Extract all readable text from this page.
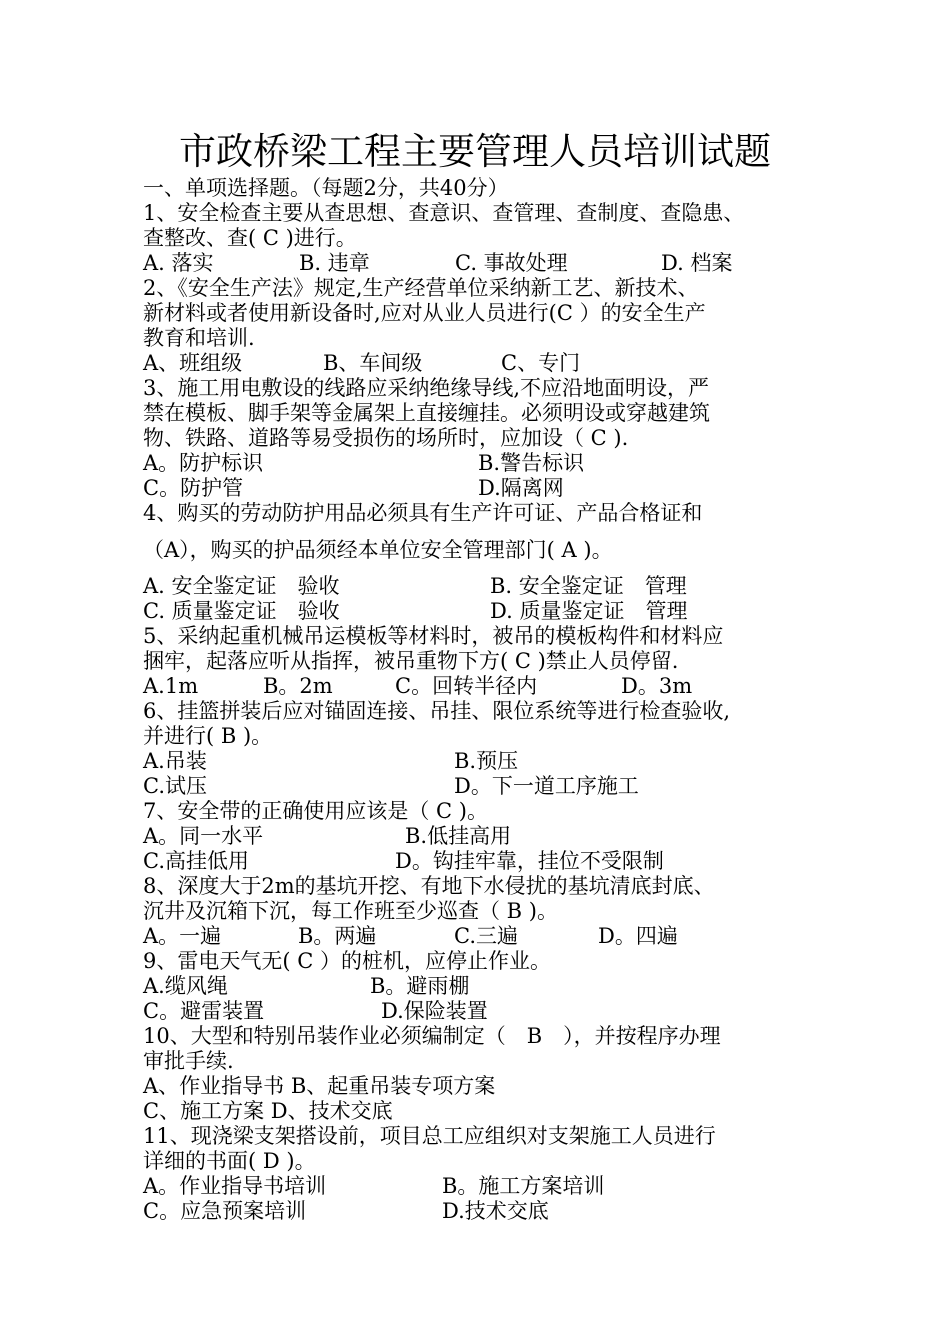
市政桥梁工程主要管理人员培训试题
一、单项选择题。（每题2分，共40分）
1、安全检查主要从查思想、查意识、查管理、查制度、查隐患、
查整改、查( C )进行。
A. 落实	B. 违章	C. 事故处理	D. 档案
2、《安全生产法》规定,生产经营单位采纳新工艺、新技术、
新材料或者使用新设备时,应对从业人员进行(C ）的安全生产
教育和培训.
A、班组级	B、车间级	C、专门
3、施工用电敷设的线路应采纳绝缘导线,不应沿地面明设，严
禁在模板、脚手架等金属架上直接缠挂。必须明设或穿越建筑
物、铁路、道路等易受损伤的场所时，应加设（ C ).
A。防护标识	B.警告标识
C。防护管	D.隔离网
4、购买的劳动防护用品必须具有生产许可证、产品合格证和
（A），购买的护品须经本单位安全管理部门( A )。
A. 安全鉴定证　验收	B. 安全鉴定证　管理
C. 质量鉴定证　验收	D. 质量鉴定证　管理
5、采纳起重机械吊运模板等材料时，被吊的模板构件和材料应
捆牢，起落应听从指挥，被吊重物下方( C )禁止人员停留.
A.1m	B。2m	C。回转半径内	D。3m
6、挂篮拼装后应对锚固连接、吊挂、限位系统等进行检查验收,
并进行( B )。
A.吊装	B.预压
C.试压	D。下一道工序施工
7、安全带的正确使用应该是（ C )。
A。同一水平	B.低挂高用
C.高挂低用	D。钩挂牢靠，挂位不受限制
8、深度大于2m的基坑开挖、有地下水侵扰的基坑清底封底、
沉井及沉箱下沉，每工作班至少巡查（ B )。
A。一遍	B。两遍	C.三遍	D。四遍
9、雷电天气无( C ）的桩机，应停止作业。
A.缆风绳	B。避雨棚
C。避雷装置	D.保险装置
10、大型和特别吊装作业必须编制定（　B　），并按程序办理
审批手续.
A、作业指导书 B、起重吊装专项方案
C、施工方案 D、技术交底
11、现浇梁支架搭设前，项目总工应组织对支架施工人员进行
详细的书面( D )。
A。作业指导书培训	B。施工方案培训
C。应急预案培训	D.技术交底
